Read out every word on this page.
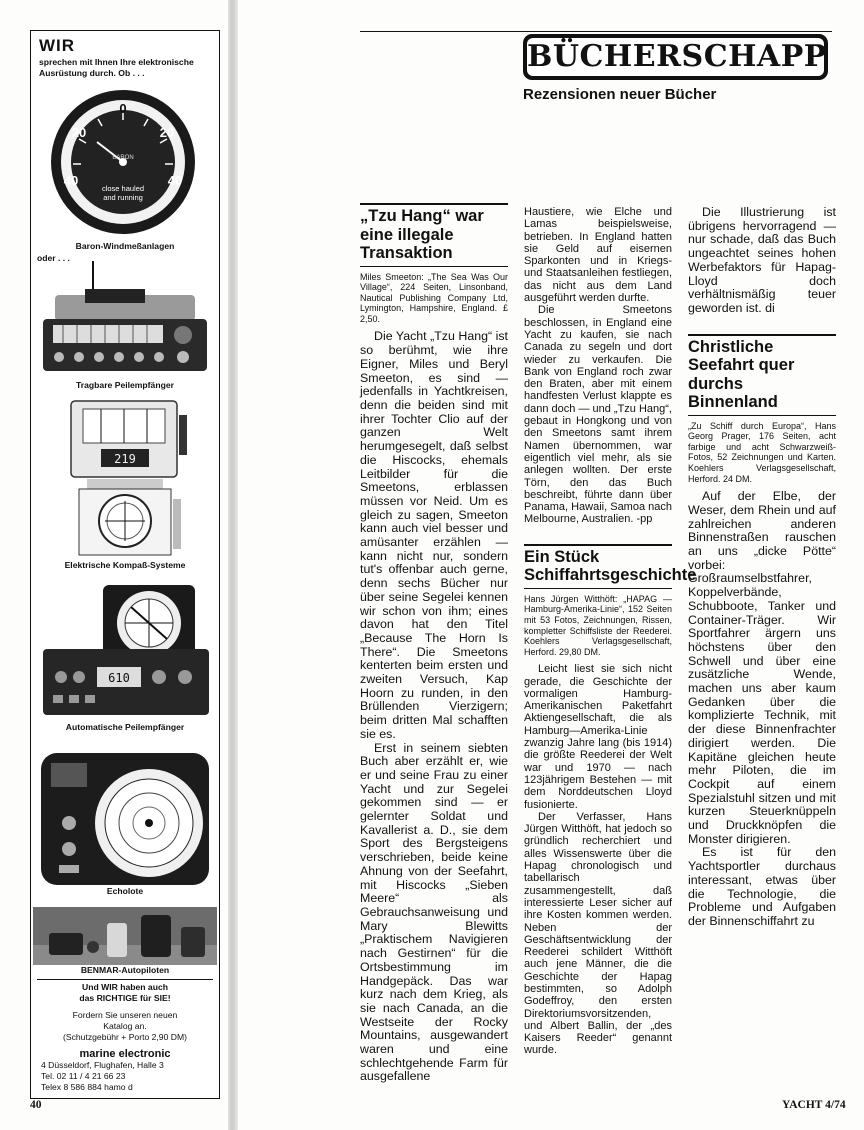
WIR
sprechen mit Ihnen Ihre elektronische Ausrüstung durch. Ob . . .
0
20	20
40	40
BARON
close hauled
and running
Baron-Windmeßanlagen
oder . . .
Tragbare Peilempfänger
219
Elektrische Kompaß-Systeme
610
Automatische Peilempfänger
Echolote
BENMAR-Autopiloten
Und WIR haben auch
das RICHTIGE für SIE!
Fordern Sie unseren neuen
Katalog an.
(Schutzgebühr + Porto 2,90 DM)
marine electronic
4 Düsseldorf, Flughafen, Halle 3
Tel. 02 11 / 4 21 66 23
Telex 8 586 884 hamo d
BÜCHERSCHAPP
Rezensionen neuer Bücher
„Tzu Hang“ war eine illegale Transaktion
Miles Smeeton: „The Sea Was Our Village“, 224 Seiten, Linsonband, Nautical Publishing Company Ltd, Lymington, Hampshire, England. £ 2,50.

Die Yacht „Tzu Hang“ ist so berühmt, wie ihre Eigner, Miles und Beryl Smeeton, es sind — jedenfalls in Yachtkreisen, denn die beiden sind mit ihrer Tochter Clio auf der ganzen Welt herumgesegelt, daß selbst die Hiscocks, ehemals Leitbilder für die Smeetons, erblassen müssen vor Neid. Um es gleich zu sagen, Smeeton kann auch viel besser und amüsanter erzählen — kann nicht nur, sondern tut's offenbar auch gerne, denn sechs Bücher nur über seine Segelei kennen wir schon von ihm; eines davon hat den Titel „Because The Horn Is There“. Die Smeetons kenterten beim ersten und zweiten Versuch, Kap Hoorn zu runden, in den Brüllenden Vierzigern; beim dritten Mal schafften sie es.

Erst in seinem siebten Buch aber erzählt er, wie er und seine Frau zu einer Yacht und zur Segelei gekommen sind — er gelernter Soldat und Kavallerist a. D., sie dem Sport des Bergsteigens verschrieben, beide keine Ahnung von der Seefahrt, mit Hiscocks „Sieben Meere“ als Gebrauchsanweisung und Mary Blewitts „Praktischem Navigieren nach Gestirnen“ für die Ortsbestimmung im Handgepäck. Das war kurz nach dem Krieg, als sie nach Canada, an die Westseite der Rocky Mountains, ausgewandert waren und eine schlechtgehende Farm für ausgefallene

Haustiere, wie Elche und Lamas beispielsweise, betrieben. In England hatten sie Geld auf eisernen Sparkonten und in Kriegs- und Staatsanleihen festliegen, das nicht aus dem Land ausgeführt werden durfte.

Die Smeetons beschlossen, in England eine Yacht zu kaufen, sie nach Canada zu segeln und dort wieder zu verkaufen. Die Bank von England roch zwar den Braten, aber mit einem handfesten Verlust klappte es dann doch — und „Tzu Hang“, gebaut in Hongkong und von den Smeetons samt ihrem Namen übernommen, war eigentlich viel mehr, als sie anlegen wollten. Der erste Törn, den das Buch beschreibt, führte dann über Panama, Hawaii, Samoa nach Melbourne, Australien. -pp

Ein Stück Schiffahrtsgeschichte
Hans Jürgen Witthöft: „HAPAG — Hamburg-Amerika-Linie“, 152 Seiten mit 53 Fotos, Zeichnungen, Rissen, kompletter Schiffsliste der Reederei. Koehlers Verlagsgesellschaft, Herford. 29,80 DM.

Leicht liest sie sich nicht gerade, die Geschichte der vormaligen Hamburg-Amerikanischen Paketfahrt Aktiengesellschaft, die als Hamburg—Amerika-Linie zwanzig Jahre lang (bis 1914) die größte Reederei der Welt war und 1970 — nach 123jährigem Bestehen — mit dem Norddeutschen Lloyd fusionierte.

Der Verfasser, Hans Jürgen Witthöft, hat jedoch so gründlich recherchiert und alles Wissenswerte über die Hapag chronologisch und tabellarisch zusammengestellt, daß interessierte Leser sicher auf ihre Kosten kommen werden. Neben der Geschäftsentwicklung der Reederei schildert Witthöft auch jene Männer, die die Geschichte der Hapag bestimmten, so Adolph Godeffroy, den ersten Direktoriumsvorsitzenden, und Albert Ballin, der „des Kaisers Reeder“ genannt wurde.

Die Illustrierung ist übrigens hervorragend — nur schade, daß das Buch ungeachtet seines hohen Werbefaktors für Hapag-Lloyd doch verhältnismäßig teuer geworden ist. di

Christliche Seefahrt quer durchs Binnenland
„Zu Schiff durch Europa“, Hans Georg Prager, 176 Seiten, acht farbige und acht Schwarzweiß-Fotos, 52 Zeichnungen und Karten. Koehlers Verlagsgesellschaft, Herford. 24 DM.

Auf der Elbe, der Weser, dem Rhein und auf zahlreichen anderen Binnenstraßen rauschen an uns „dicke Pötte“ vorbei: Großraumselbstfahrer, Koppelverbände, Schubboote, Tanker und Container-Träger. Wir Sportfahrer ärgern uns höchstens über den Schwell und über eine zusätzliche Wende, machen uns aber kaum Gedanken über die komplizierte Technik, mit der diese Binnenfrachter dirigiert werden. Die Kapitäne gleichen heute mehr Piloten, die im Cockpit auf einem Spezialstuhl sitzen und mit kurzen Steuerknüppeln und Druckknöpfen die Monster dirigieren.

Es ist für den Yachtsportler durchaus interessant, etwas über die Technologie, die Probleme und Aufgaben der Binnenschiffahrt zu

40	YACHT 4/74
